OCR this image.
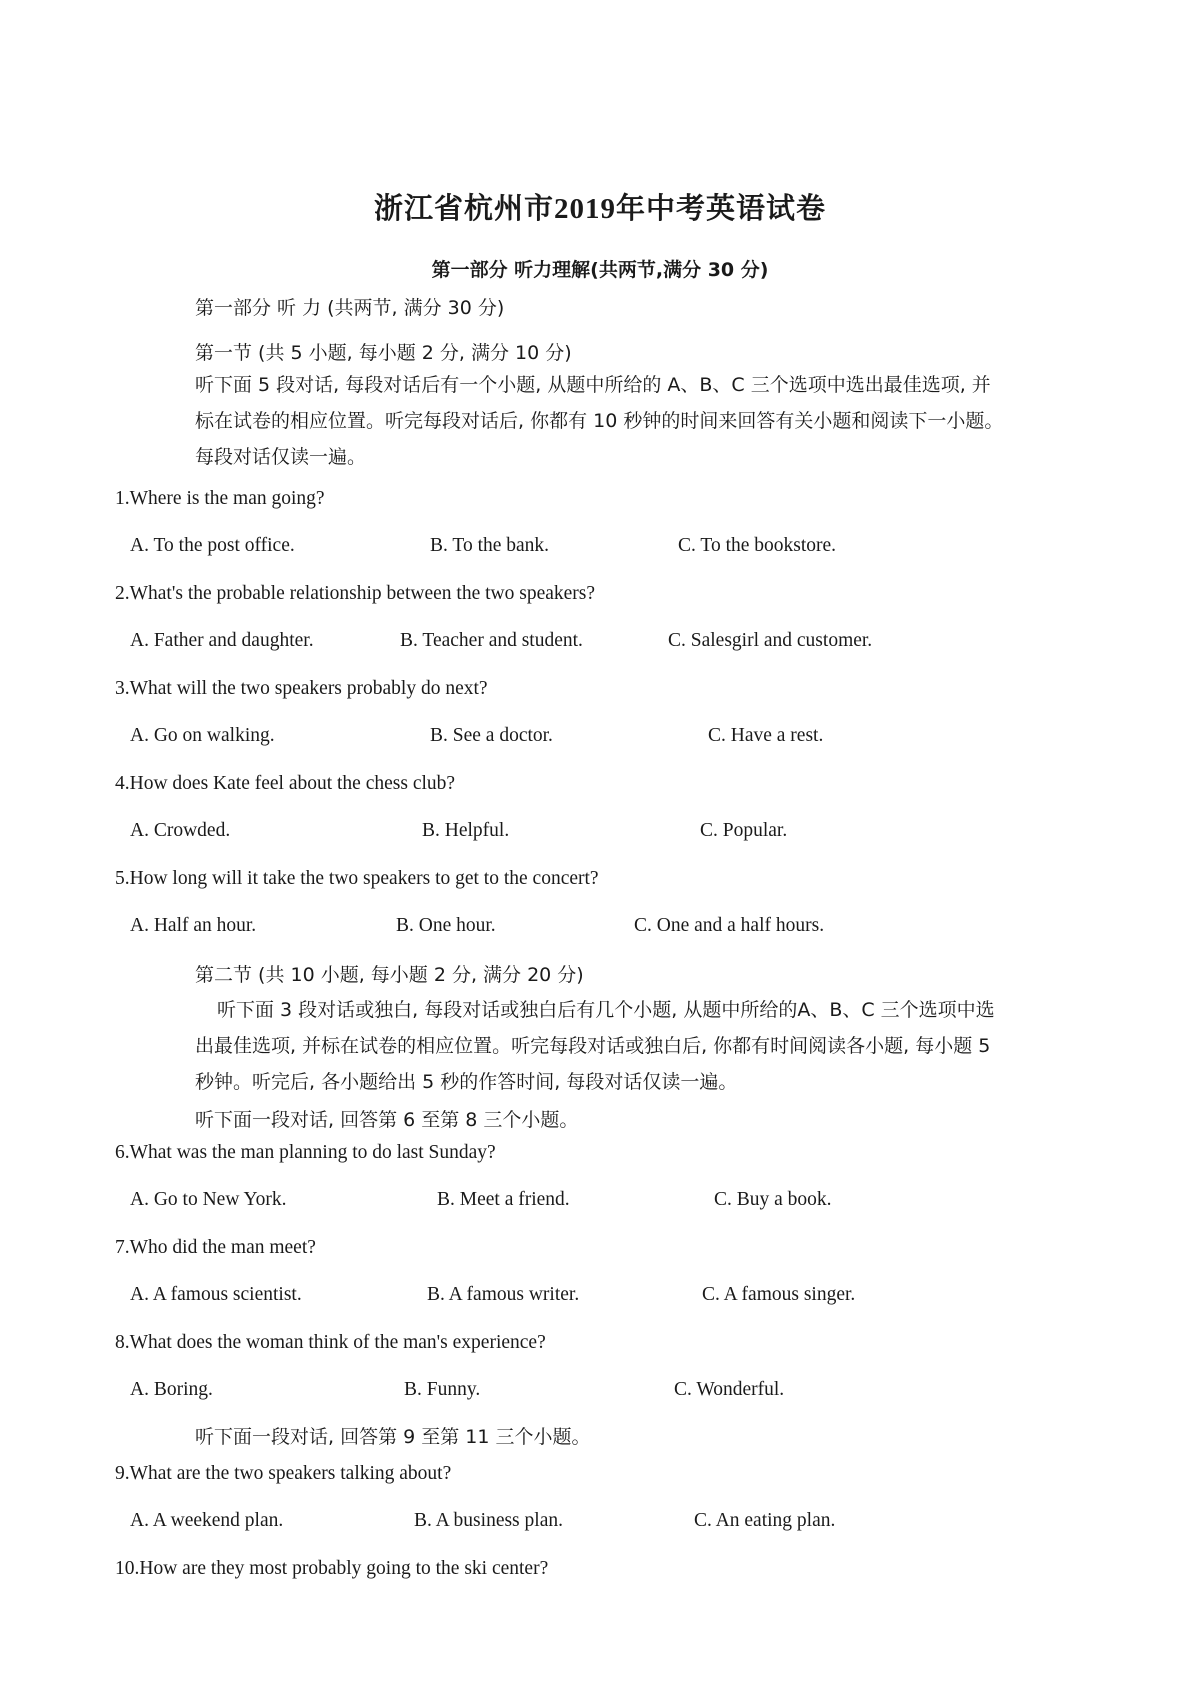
浙江省杭州市2019年中考英语试卷
第一部分 听力理解(共两节,满分 30 分)
第一部分 听 力 (共两节, 满分 30 分)
第一节 (共 5 小题, 每小题 2 分, 满分 10 分)
听下面 5 段对话, 每段对话后有一个小题, 从题中所给的 A、B、C 三个选项中选出最佳选项, 并标在试卷的相应位置。听完每段对话后, 你都有 10 秒钟的时间来回答有关小题和阅读下一小题。每段对话仅读一遍。
1.Where is the man going?
A. To the post office.	B. To the bank.	C. To the bookstore.
2.What's the probable relationship between the two speakers?
A. Father and daughter.	B. Teacher and student.	C. Salesgirl and customer.
3.What will the two speakers probably do next?
A. Go on walking.	B. See a doctor.	C. Have a rest.
4.How does Kate feel about the chess club?
A. Crowded.	B. Helpful.	C. Popular.
5.How long will it take the two speakers to get to the concert?
A. Half an hour.	B. One hour.	C. One and a half hours.
第二节 (共 10 小题, 每小题 2 分, 满分 20 分)
听下面 3 段对话或独白, 每段对话或独白后有几个小题, 从题中所给的A、B、C 三个选项中选出最佳选项, 并标在试卷的相应位置。听完每段对话或独白后, 你都有时间阅读各小题, 每小题 5 秒钟。听完后, 各小题给出 5 秒的作答时间, 每段对话仅读一遍。
听下面一段对话, 回答第 6 至第 8 三个小题。
6.What was the man planning to do last Sunday?
A. Go to New York.	B. Meet a friend.	C. Buy a book.
7.Who did the man meet?
A. A famous scientist.	B. A famous writer.	C. A famous singer.
8.What does the woman think of the man's experience?
A. Boring.	B. Funny.	C. Wonderful.
听下面一段对话, 回答第 9 至第 11 三个小题。
9.What are the two speakers talking about?
A. A weekend plan.	B. A business plan.	C. An eating plan.
10.How are they most probably going to the ski center?
